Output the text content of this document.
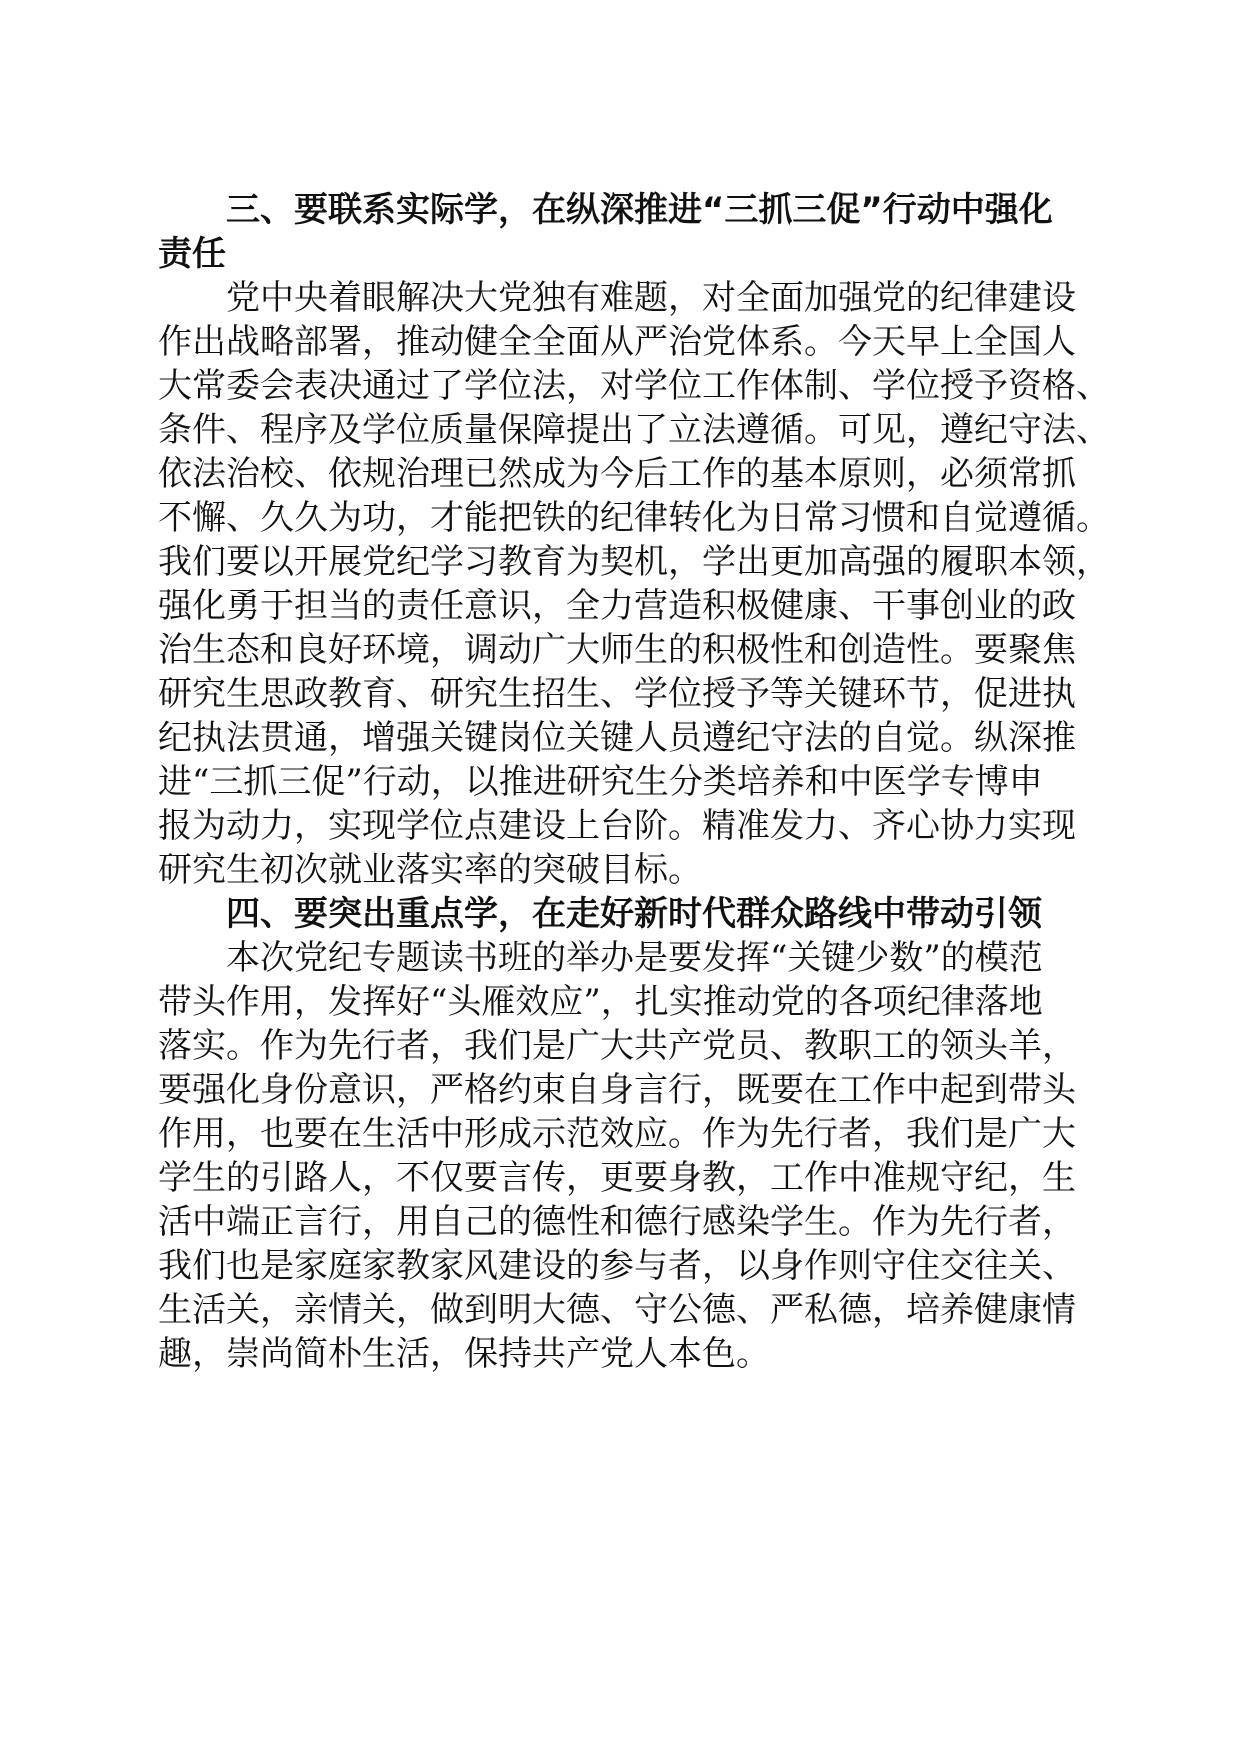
三、要联系实际学，在纵深推进“三抓三促”行动中强化
责任
党中央着眼解决大党独有难题，对全面加强党的纪律建设
作出战略部署，推动健全全面从严治党体系。今天早上全国人
大常委会表决通过了学位法，对学位工作体制、学位授予资格、
条件、程序及学位质量保障提出了立法遵循。可见，遵纪守法、
依法治校、依规治理已然成为今后工作的基本原则，必须常抓
不懈、久久为功，才能把铁的纪律转化为日常习惯和自觉遵循。
我们要以开展党纪学习教育为契机，学出更加高强的履职本领，
强化勇于担当的责任意识，全力营造积极健康、干事创业的政
治生态和良好环境，调动广大师生的积极性和创造性。要聚焦
研究生思政教育、研究生招生、学位授予等关键环节，促进执
纪执法贯通，增强关键岗位关键人员遵纪守法的自觉。纵深推
进“三抓三促”行动，以推进研究生分类培养和中医学专博申
报为动力，实现学位点建设上台阶。精准发力、齐心协力实现
研究生初次就业落实率的突破目标。
四、要突出重点学，在走好新时代群众路线中带动引领
本次党纪专题读书班的举办是要发挥“关键少数”的模范
带头作用，发挥好“头雁效应”，扎实推动党的各项纪律落地
落实。作为先行者，我们是广大共产党员、教职工的领头羊，
要强化身份意识，严格约束自身言行，既要在工作中起到带头
作用，也要在生活中形成示范效应。作为先行者，我们是广大
学生的引路人，不仅要言传，更要身教，工作中准规守纪，生
活中端正言行，用自己的德性和德行感染学生。作为先行者，
我们也是家庭家教家风建设的参与者，以身作则守住交往关、
生活关，亲情关，做到明大德、守公德、严私德，培养健康情
趣，崇尚简朴生活，保持共产党人本色。
